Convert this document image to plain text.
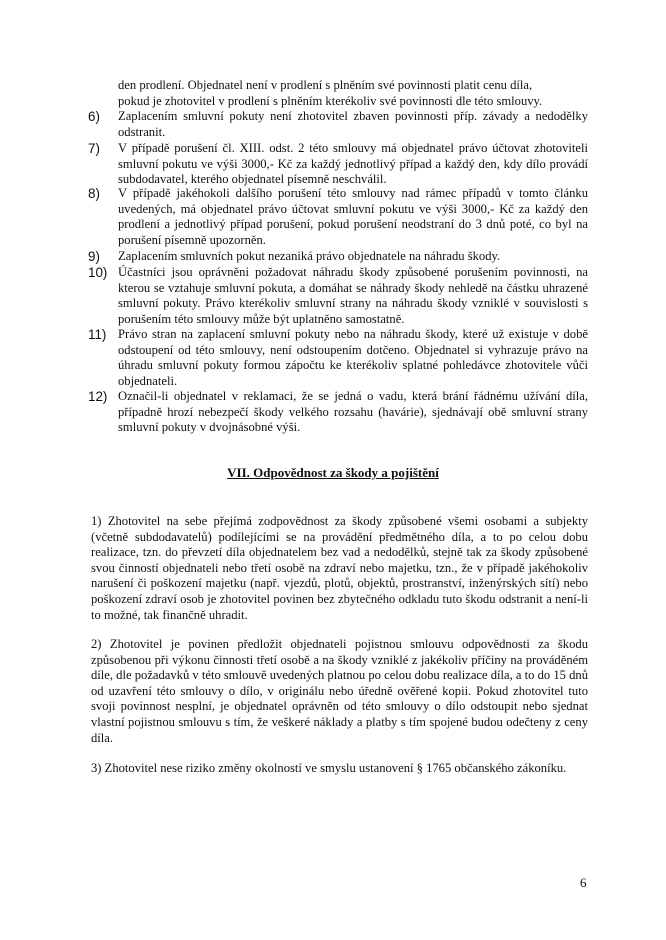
den prodlení. Objednatel není v prodlení s plněním své povinnosti platit cenu díla,
pokud je zhotovitel v prodlení s plněním kterékoliv své povinnosti dle této smlouvy.
6) Zaplacením smluvní pokuty není zhotovitel zbaven povinnosti příp. závady a nedodělky odstranit.
7) V případě porušení čl. XIII. odst. 2 této smlouvy má objednatel právo účtovat zhotoviteli smluvní pokutu ve výši 3000,- Kč za každý jednotlivý případ a každý den, kdy dílo provádí subdodavatel, kterého objednatel písemně neschválil.
8) V případě jakéhokoli dalšího porušení této smlouvy nad rámec případů v tomto článku uvedených, má objednatel právo účtovat smluvní pokutu ve výši 3000,- Kč za každý den prodlení a jednotlivý případ porušení, pokud porušení neodstraní do 3 dnů poté, co byl na porušení písemně upozorněn.
9) Zaplacením smluvních pokut nezaniká právo objednatele na náhradu škody.
10) Účastníci jsou oprávněni požadovat náhradu škody způsobené porušením povinnosti, na kterou se vztahuje smluvní pokuta, a domáhat se náhrady škody nehledě na částku uhrazené smluvní pokuty. Právo kterékoliv smluvní strany na náhradu škody vzniklé v souvislosti s porušením této smlouvy může být uplatněno samostatně.
11) Právo stran na zaplacení smluvní pokuty nebo na náhradu škody, které už existuje v době odstoupení od této smlouvy, není odstoupením dotčeno. Objednatel si vyhrazuje právo na úhradu smluvní pokuty formou zápočtu ke kterékoliv splatné pohledávce zhotovitele vůči objednateli.
12) Označil-li objednatel v reklamaci, že se jedná o vadu, která brání řádnému užívání díla, případně hrozí nebezpečí škody velkého rozsahu (havárie), sjednávají obě smluvní strany smluvní pokuty v dvojnásobné výši.
VII. Odpovědnost za škody a pojištění
1) Zhotovitel na sebe přejímá zodpovědnost za škody způsobené všemi osobami a subjekty (včetně subdodavatelů) podílejícími se na provádění předmětného díla, a to po celou dobu realizace, tzn. do převzetí díla objednatelem bez vad a nedodělků, stejně tak za škody způsobené svou činností objednateli nebo třetí osobě na zdraví nebo majetku, tzn., že v případě jakéhokoliv narušení či poškození majetku (např. vjezdů, plotů, objektů, prostranství, inženýrských sítí) nebo poškození zdraví osob je zhotovitel povinen bez zbytečného odkladu tuto škodu odstranit a není-li to možné, tak finančně uhradit.
2) Zhotovitel je povinen předložit objednateli pojistnou smlouvu odpovědnosti za škodu způsobenou při výkonu činnosti třetí osobě a na škody vzniklé z jakékoliv příčiny na prováděném díle, dle požadavků v této smlouvě uvedených platnou po celou dobu realizace díla, a to do 15 dnů od uzavření této smlouvy o dílo, v originálu nebo úředně ověřené kopii. Pokud zhotovitel tuto svoji povinnost nesplní, je objednatel oprávněn od této smlouvy o dílo odstoupit nebo sjednat vlastní pojistnou smlouvu s tím, že veškeré náklady a platby s tím spojené budou odečteny z ceny díla.
3) Zhotovitel nese riziko změny okolností ve smyslu ustanovení § 1765 občanského zákoníku.
6
